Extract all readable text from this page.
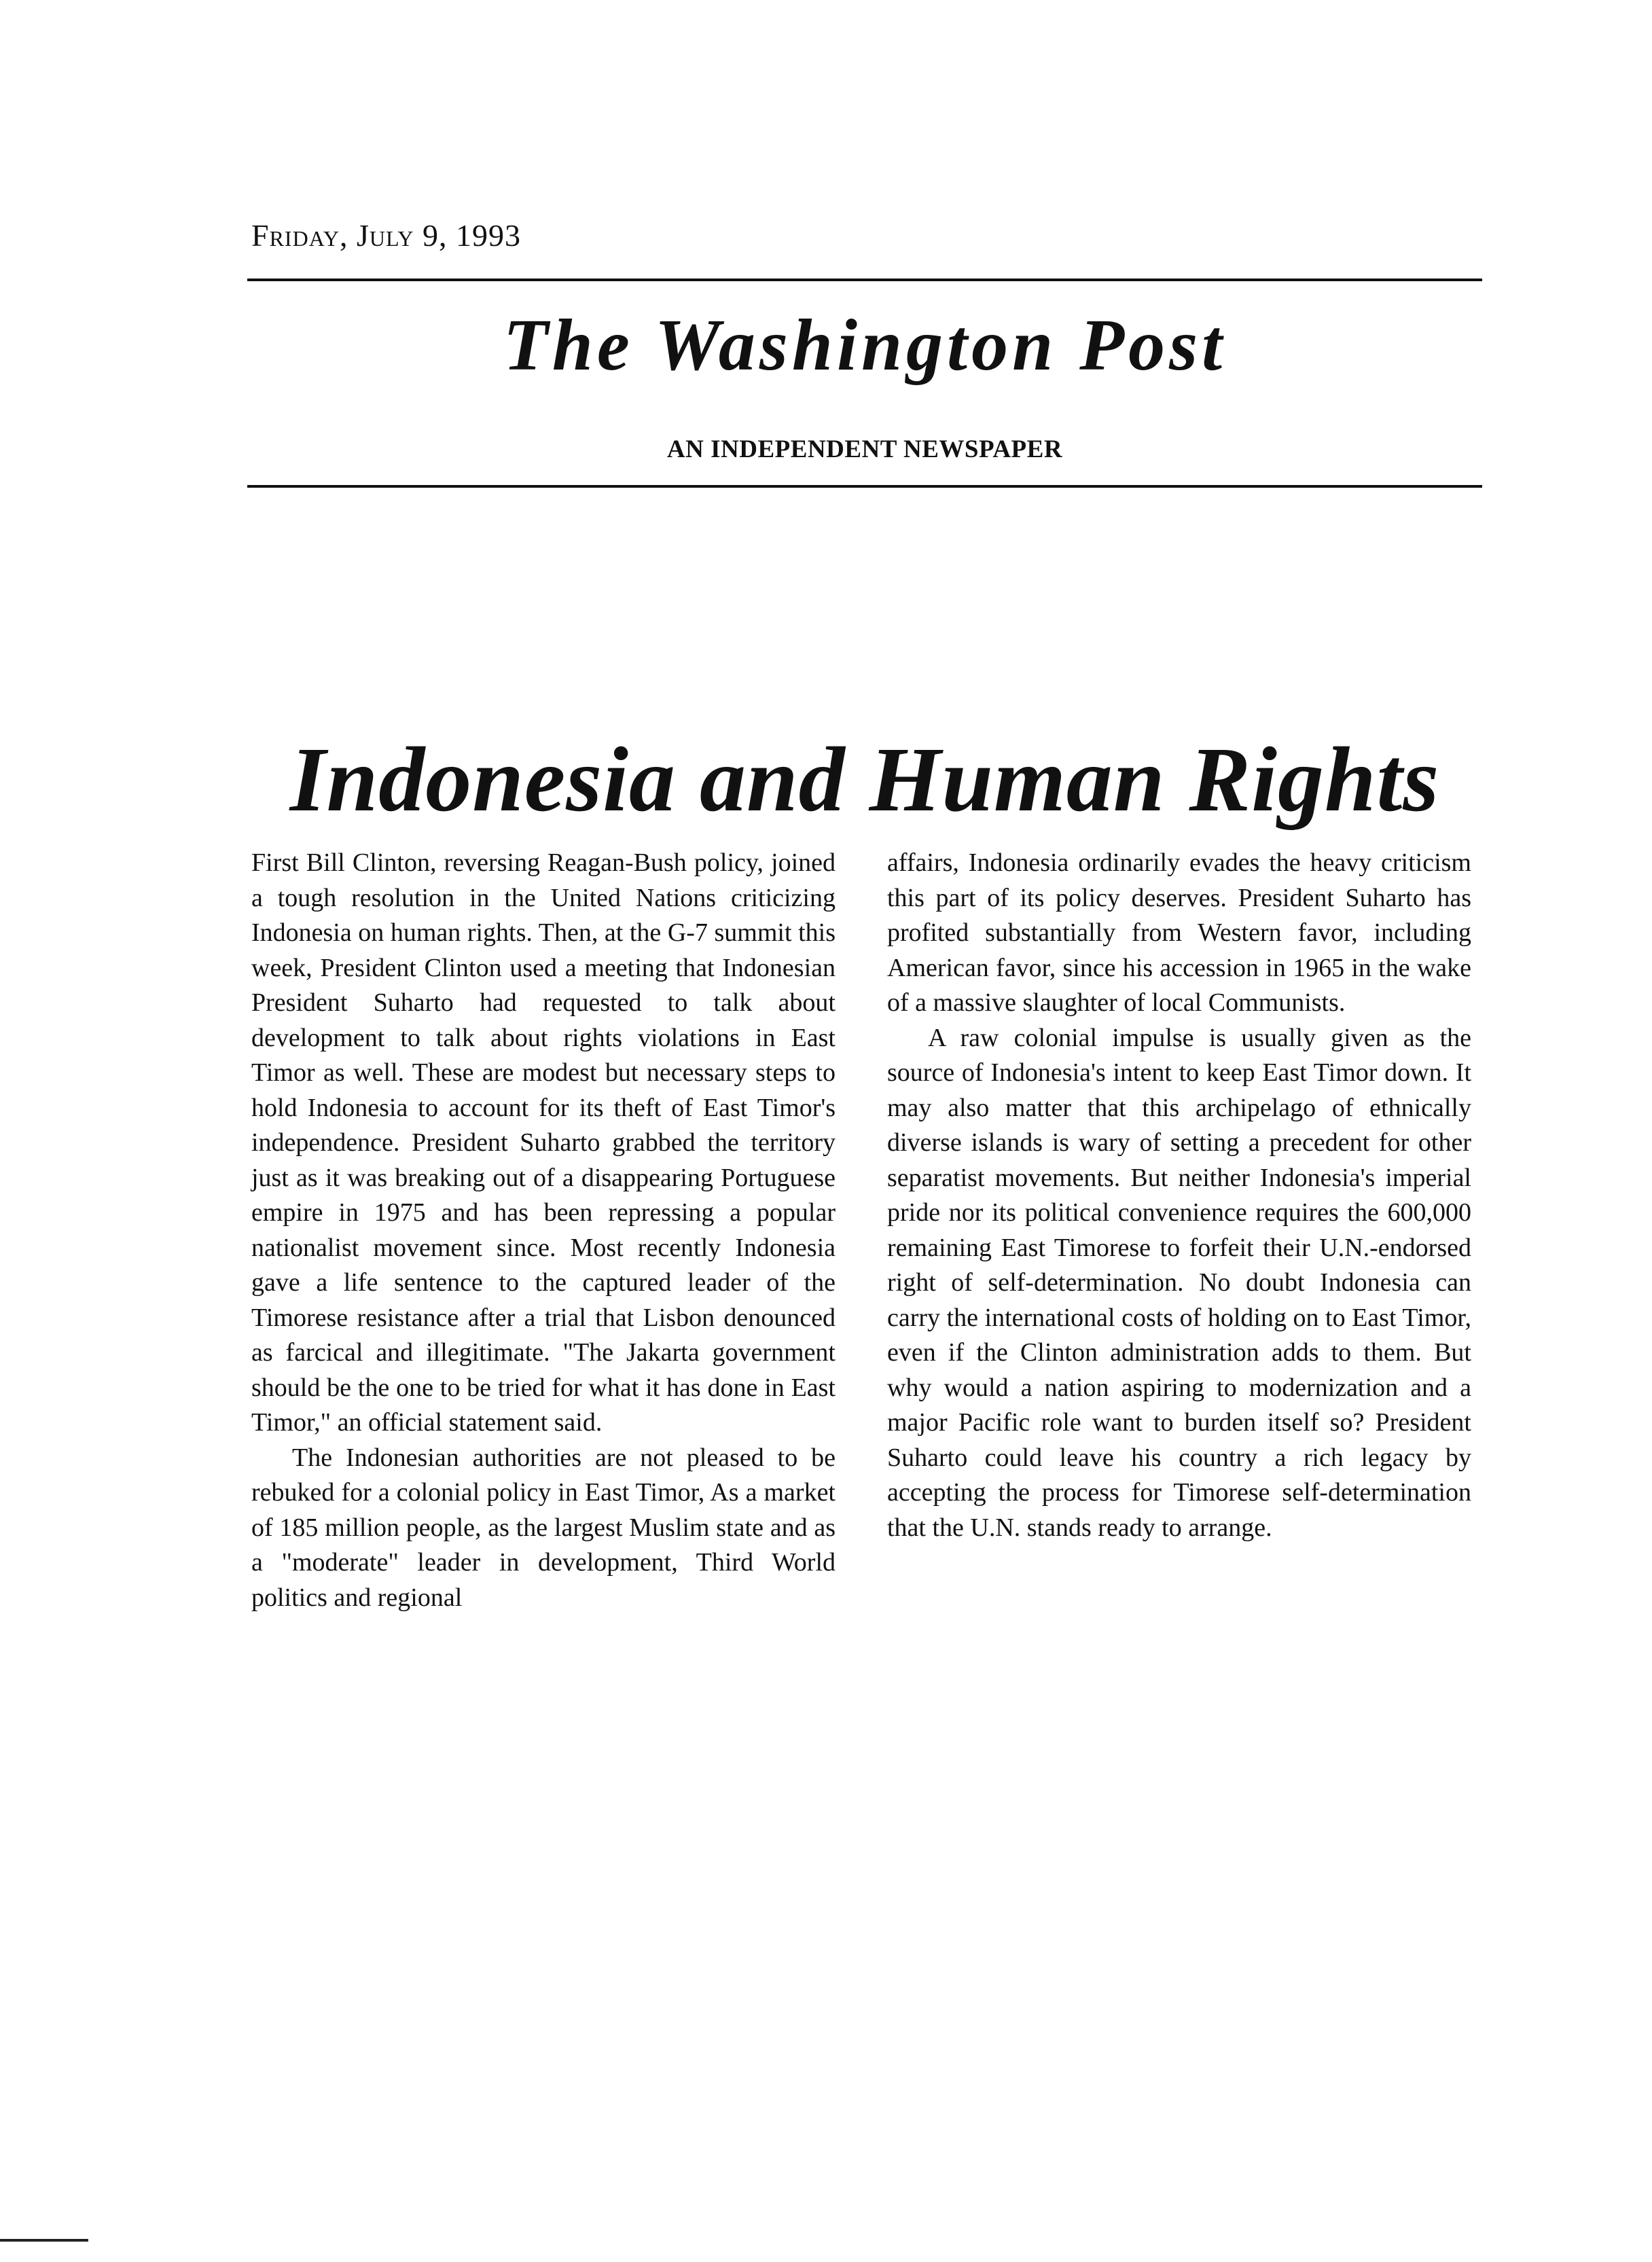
Friday, July 9, 1993
The Washington Post
AN INDEPENDENT NEWSPAPER
Indonesia and Human Rights

First Bill Clinton, reversing Reagan-Bush policy, joined a tough resolution in the United Nations criticizing Indonesia on human rights. Then, at the G-7 summit this week, President Clinton used a meeting that Indonesian President Suharto had requested to talk about development to talk about rights violations in East Timor as well. These are modest but necessary steps to hold Indonesia to account for its theft of East Timor's independence. President Suharto grabbed the territory just as it was breaking out of a disappearing Portuguese empire in 1975 and has been repressing a popular nationalist movement since. Most recently Indonesia gave a life sentence to the captured leader of the Timorese resistance after a trial that Lisbon denounced as farcical and illegitimate. "The Jakarta government should be the one to be tried for what it has done in East Timor," an official statement said.

The Indonesian authorities are not pleased to be rebuked for a colonial policy in East Timor, As a market of 185 million people, as the largest Muslim state and as a "moderate" leader in development, Third World politics and regional

affairs, Indonesia ordinarily evades the heavy criticism this part of its policy deserves. President Suharto has profited substantially from Western favor, including American favor, since his accession in 1965 in the wake of a massive slaughter of local Communists.

A raw colonial impulse is usually given as the source of Indonesia's intent to keep East Timor down. It may also matter that this archipelago of ethnically diverse islands is wary of setting a precedent for other separatist movements. But neither Indonesia's imperial pride nor its political convenience requires the 600,000 remaining East Timorese to forfeit their U.N.-endorsed right of self-determination. No doubt Indonesia can carry the international costs of holding on to East Timor, even if the Clinton administration adds to them. But why would a nation aspiring to modernization and a major Pacific role want to burden itself so? President Suharto could leave his country a rich legacy by accepting the process for Timorese self-determination that the U.N. stands ready to arrange.
